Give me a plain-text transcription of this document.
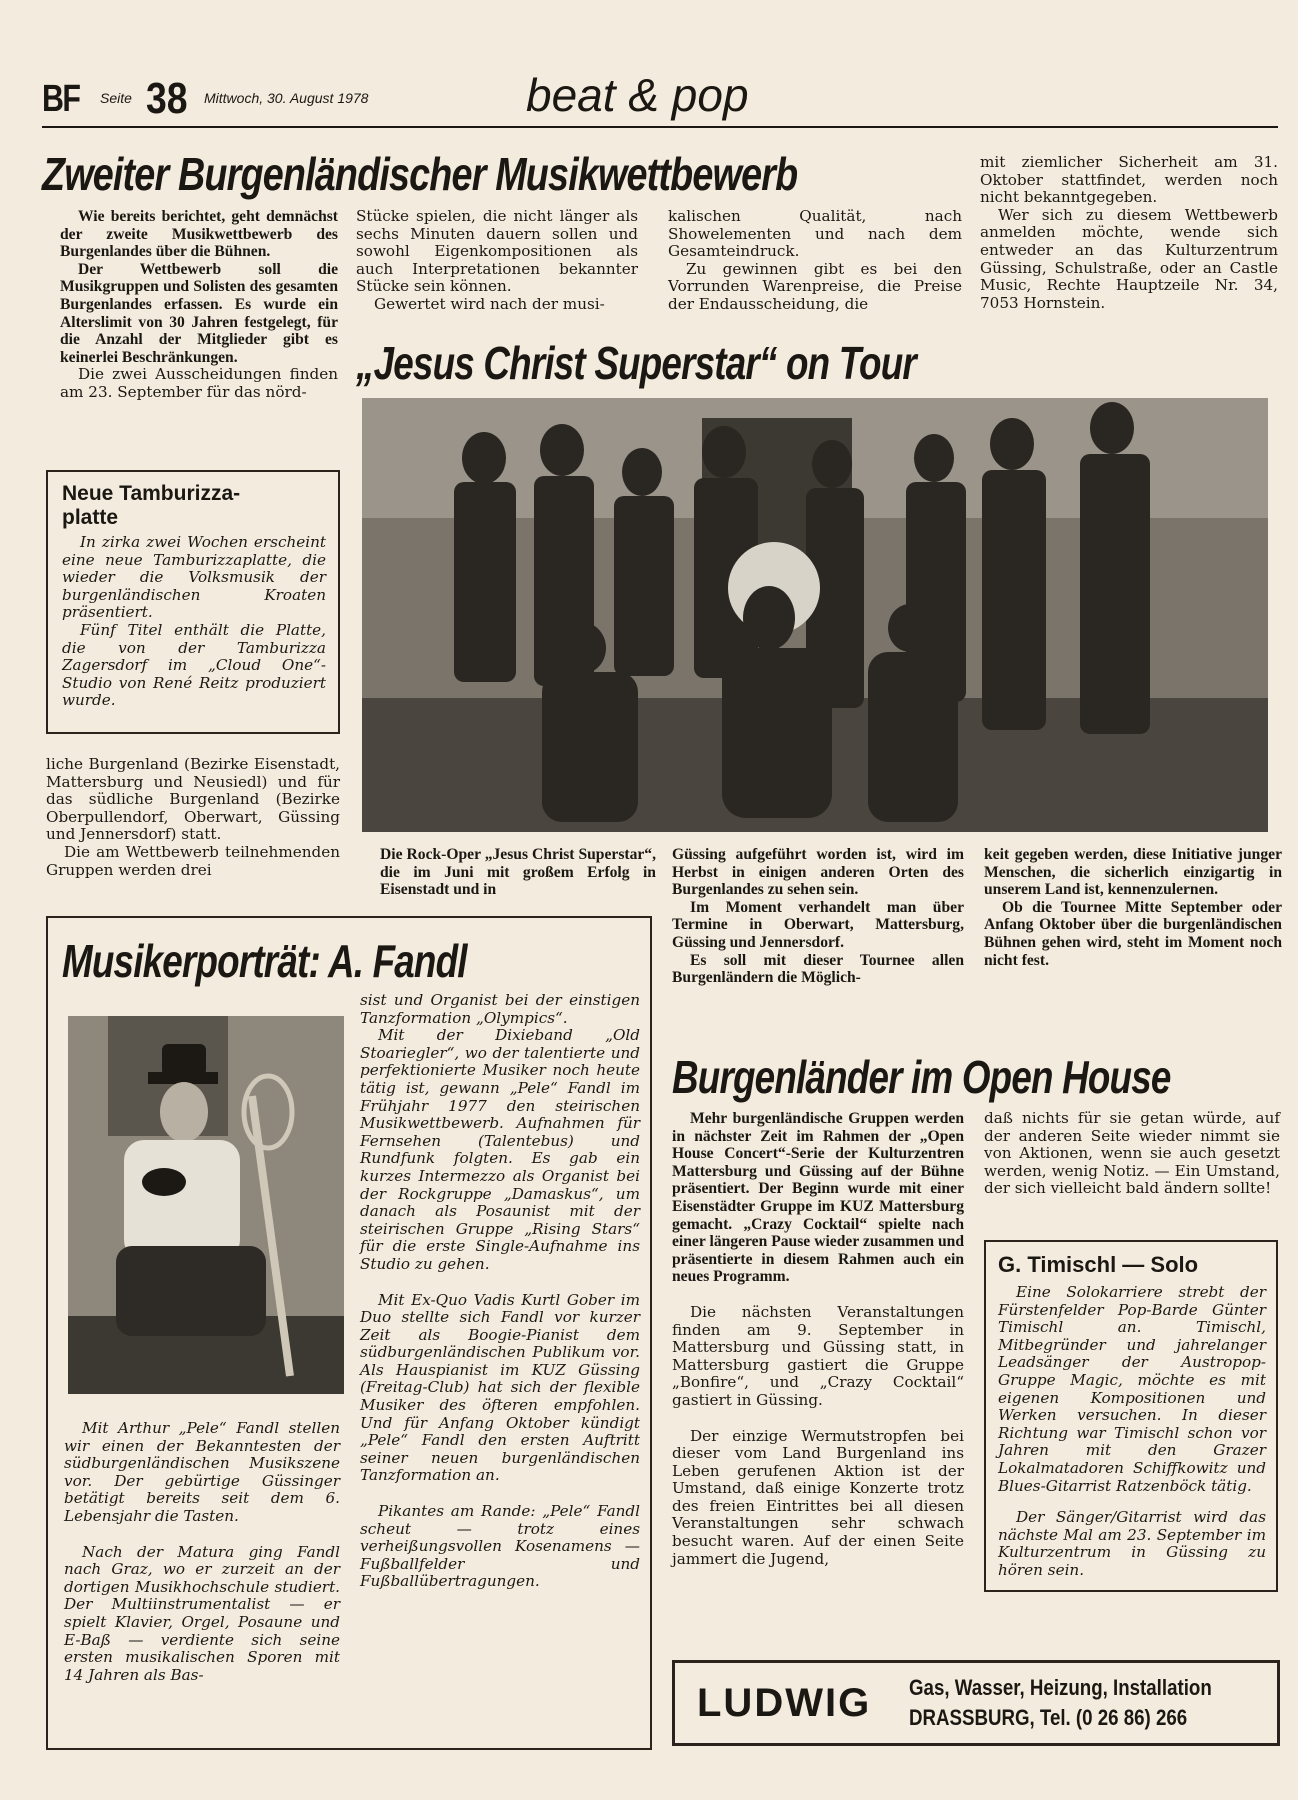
BF Seite 38 Mittwoch, 30. August 1978	beat & pop
Zweiter Burgenländischer Musikwettbewerb

Wie bereits berichtet, geht demnächst der zweite Musikwettbewerb des Burgenlandes über die Bühnen.

Der Wettbewerb soll die Musikgruppen und Solisten des gesamten Burgenlandes erfassen. Es wurde ein Alterslimit von 30 Jahren festgelegt, für die Anzahl der Mitglieder gibt es keinerlei Beschränkungen.

Die zwei Ausscheidungen finden am 23. September für das nörd-

Stücke spielen, die nicht länger als sechs Minuten dauern sollen und sowohl Eigenkompositionen als auch Interpretationen bekannter Stücke sein können.

Gewertet wird nach der musi-

kalischen Qualität, nach Showelementen und nach dem Gesamteindruck.

Zu gewinnen gibt es bei den Vorrunden Warenpreise, die Preise der Endausscheidung, die

mit ziemlicher Sicherheit am 31. Oktober stattfindet, werden noch nicht bekanntgegeben.

Wer sich zu diesem Wettbewerb anmelden möchte, wende sich entweder an das Kulturzentrum Güssing, Schulstraße, oder an Castle Music, Rechte Hauptzeile Nr. 34, 7053 Hornstein.

Neue Tamburizza-platte

In zirka zwei Wochen erscheint eine neue Tamburizzaplatte, die wieder die Volksmusik der burgenländischen Kroaten präsentiert.

Fünf Titel enthält die Platte, die von der Tamburizza Zagersdorf im „Cloud One“-Studio von René Reitz produziert wurde.

liche Burgenland (Bezirke Eisenstadt, Mattersburg und Neusiedl) und für das südliche Burgenland (Bezirke Oberpullendorf, Oberwart, Güssing und Jennersdorf) statt.

Die am Wettbewerb teilnehmenden Gruppen werden drei

„Jesus Christ Superstar“ on Tour

Die Rock-Oper „Jesus Christ Superstar“, die im Juni mit großem Erfolg in Eisenstadt und in

Güssing aufgeführt worden ist, wird im Herbst in einigen anderen Orten des Burgenlandes zu sehen sein.

Im Moment verhandelt man über Termine in Oberwart, Mattersburg, Güssing und Jennersdorf.

Es soll mit dieser Tournee allen Burgenländern die Möglich-

keit gegeben werden, diese Initiative junger Menschen, die sicherlich einzigartig in unserem Land ist, kennenzulernen.

Ob die Tournee Mitte September oder Anfang Oktober über die burgenländischen Bühnen gehen wird, steht im Moment noch nicht fest.

Musikerporträt: A. Fandl

Mit Arthur „Pele“ Fandl stellen wir einen der Bekanntesten der südburgenländischen Musikszene vor. Der gebürtige Güssinger betätigt bereits seit dem 6. Lebensjahr die Tasten.

Nach der Matura ging Fandl nach Graz, wo er zurzeit an der dortigen Musikhochschule studiert. Der Multiinstrumentalist — er spielt Klavier, Orgel, Posaune und E-Baß — verdiente sich seine ersten musikalischen Sporen mit 14 Jahren als Bas-

sist und Organist bei der einstigen Tanzformation „Olympics“.

Mit der Dixieband „Old Stoariegler“, wo der talentierte und perfektionierte Musiker noch heute tätig ist, gewann „Pele“ Fandl im Frühjahr 1977 den steirischen Musikwettbewerb. Aufnahmen für Fernsehen (Talentebus) und Rundfunk folgten. Es gab ein kurzes Intermezzo als Organist bei der Rockgruppe „Damaskus“, um danach als Posaunist mit der steirischen Gruppe „Rising Stars“ für die erste Single-Aufnahme ins Studio zu gehen.

Mit Ex-Quo Vadis Kurtl Gober im Duo stellte sich Fandl vor kurzer Zeit als Boogie-Pianist dem südburgenländischen Publikum vor. Als Hauspianist im KUZ Güssing (Freitag-Club) hat sich der flexible Musiker des öfteren empfohlen. Und für Anfang Oktober kündigt „Pele“ Fandl den ersten Auftritt seiner neuen burgenländischen Tanzformation an.

Pikantes am Rande: „Pele“ Fandl scheut — trotz eines verheißungsvollen Kosenamens — Fußballfelder und Fußballübertragungen.

Burgenländer im Open House

Mehr burgenländische Gruppen werden in nächster Zeit im Rahmen der „Open House Concert“-Serie der Kulturzentren Mattersburg und Güssing auf der Bühne präsentiert. Der Beginn wurde mit einer Eisenstädter Gruppe im KUZ Mattersburg gemacht. „Crazy Cocktail“ spielte nach einer längeren Pause wieder zusammen und präsentierte in diesem Rahmen auch ein neues Programm.

Die nächsten Veranstaltungen finden am 9. September in Mattersburg und Güssing statt, in Mattersburg gastiert die Gruppe „Bonfire“, und „Crazy Cocktail“ gastiert in Güssing.

Der einzige Wermutstropfen bei dieser vom Land Burgenland ins Leben gerufenen Aktion ist der Umstand, daß einige Konzerte trotz des freien Eintrittes bei all diesen Veranstaltungen sehr schwach besucht waren. Auf der einen Seite jammert die Jugend,

daß nichts für sie getan würde, auf der anderen Seite wieder nimmt sie von Aktionen, wenn sie auch gesetzt werden, wenig Notiz. — Ein Umstand, der sich vielleicht bald ändern sollte!

G. Timischl — Solo

Eine Solokarriere strebt der Fürstenfelder Pop-Barde Günter Timischl an. Timischl, Mitbegründer und jahrelanger Leadsänger der Austropop-Gruppe Magic, möchte es mit eigenen Kompositionen und Werken versuchen. In dieser Richtung war Timischl schon vor Jahren mit den Grazer Lokalmatadoren Schiffkowitz und Blues-Gitarrist Ratzenböck tätig.

Der Sänger/Gitarrist wird das nächste Mal am 23. September im Kulturzentrum in Güssing zu hören sein.

LUDWIG Gas, Wasser, Heizung, Installation
DRASSBURG, Tel. (0 26 86) 266
